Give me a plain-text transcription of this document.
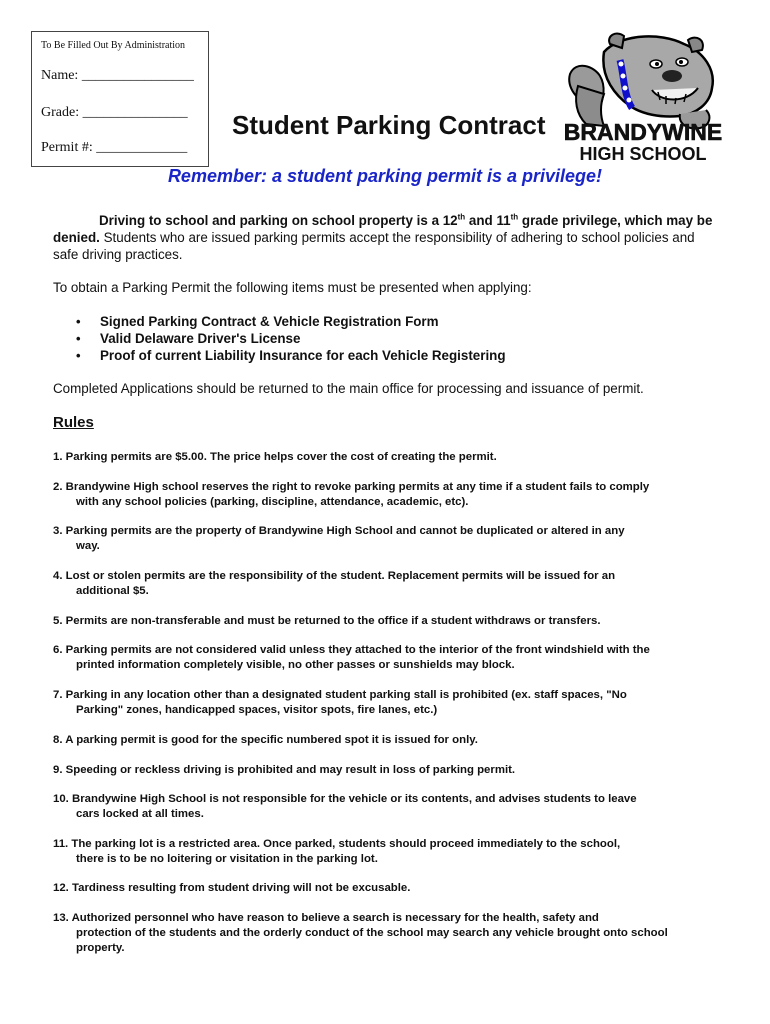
To Be Filled Out By Administration
Name: ________________
Grade: _______________
Permit #: _____________
Student Parking Contract BRANDYWINE
HIGH SCHOOL
Remember: a student parking permit is a privilege!
Driving to school and parking on school property is a 12th and 11th grade privilege, which may be denied. Students who are issued parking permits accept the responsibility of adhering to school policies and safe driving practices.
To obtain a Parking Permit the following items must be presented when applying:
• Signed Parking Contract & Vehicle Registration Form
• Valid Delaware Driver's License
• Proof of current Liability Insurance for each Vehicle Registering
Completed Applications should be returned to the main office for processing and issuance of permit.
Rules
1. Parking permits are $5.00. The price helps cover the cost of creating the permit.
2. Brandywine High school reserves the right to revoke parking permits at any time if a student fails to comply
with any school policies (parking, discipline, attendance, academic, etc).
3. Parking permits are the property of Brandywine High School and cannot be duplicated or altered in any
way.
4. Lost or stolen permits are the responsibility of the student. Replacement permits will be issued for an
additional $5.
5. Permits are non-transferable and must be returned to the office if a student withdraws or transfers.
6. Parking permits are not considered valid unless they attached to the interior of the front windshield with the
printed information completely visible, no other passes or sunshields may block.
7. Parking in any location other than a designated student parking stall is prohibited (ex. staff spaces, "No
Parking" zones, handicapped spaces, visitor spots, fire lanes, etc.)
8. A parking permit is good for the specific numbered spot it is issued for only.
9. Speeding or reckless driving is prohibited and may result in loss of parking permit.
10. Brandywine High School is not responsible for the vehicle or its contents, and advises students to leave
cars locked at all times.
11. The parking lot is a restricted area. Once parked, students should proceed immediately to the school,
there is to be no loitering or visitation in the parking lot.
12. Tardiness resulting from student driving will not be excusable.
13. Authorized personnel who have reason to believe a search is necessary for the health, safety and
protection of the students and the orderly conduct of the school may search any vehicle brought onto school property.
